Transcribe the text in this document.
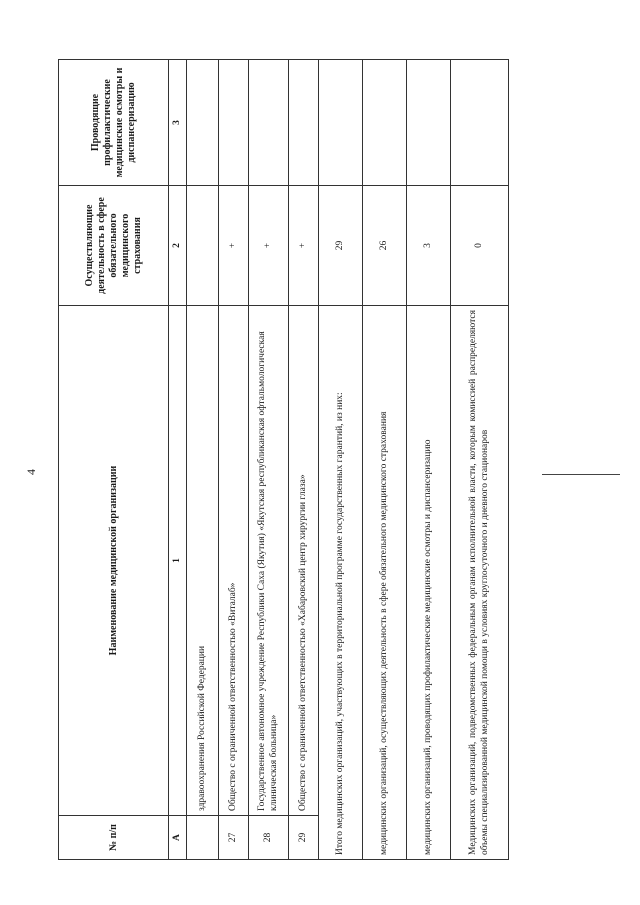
4
№ п/п	Наименование медицинской организации	Осуществляющие деятельность в сфере обязательного медицинского страхования	Проводящие профилактические медицинские осмотры и диспансеризацию
А	1	2	3
	здравоохранения Российской Федерации		
27	Общество с ограниченной ответственностью «Виталаб»	+	
28	Государственное автономное учреждение Республики Саха (Якутия) «Якутская республиканская офтальмологическая клиническая больница»	+	
29	Общество с ограниченной ответственностью «Хабаровский центр хирургии глаза»	+	
Итого медицинских организаций, участвующих в территориальной программе государственных гарантий, из них:		29	
медицинских организаций, осуществляющих деятельность в сфере обязательного медицинского страхования		26	
медицинских организаций, проводящих профилактические медицинские осмотры и диспансеризацию		3	
Медицинских организаций, подведомственных федеральным органам исполнительной власти, которым комиссией распределяются объемы специализированной медицинской помощи в условиях круглосуточного и дневного стационаров		0	
